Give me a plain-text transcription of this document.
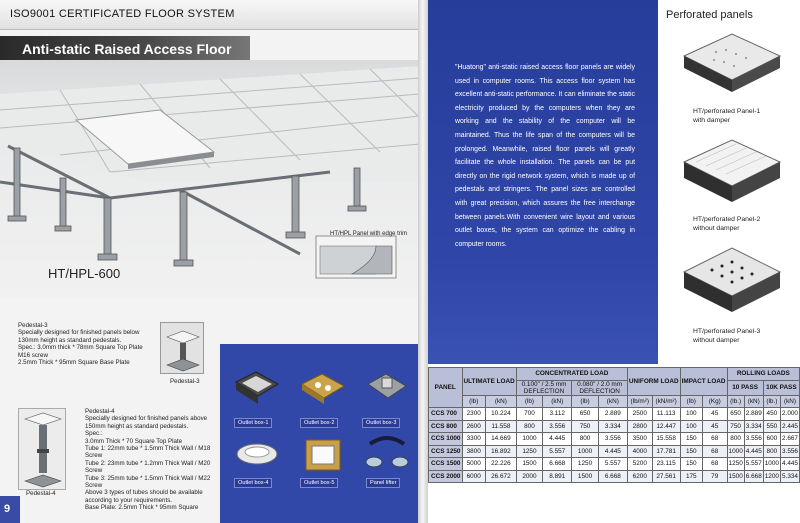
ISO9001 CERTIFICATED FLOOR SYSTEM
HT/HPL-600
HT/HPL Panel with edge trim
Anti-static Raised Access Floor
Pedestal-3
Specially designed for finished panels below
130mm height as standard pedestals.
Spec.: 3.0mm thick * 78mm Square Top Plate
M16 screw
2.5mm Thick * 95mm Square Base Plate
Pedestal-3
Pedestal-4
Pedestal-4
Specially designed for finished panels above
150mm height as standard pedestals.
Spec.:
3.0mm Thick * 70 Square Top Plate
Tube 1: 22mm tube * 1.5mm Thick Wall / M18
Screw
Tube 2: 23mm tube * 1.2mm Thick Wall / M20
Screw
Tube 3: 25mm tube * 1.5mm Thick Wall / M22
Screw
Above 3 types of tubes should be available
according to your requirements.
Base Plate: 2.5mm Thick * 95mm Square
Outlet box-1	Outlet box-2	Outlet box-3
Outlet box-4	Outlet box-5	Panel lifter
9

"Huatong" anti-static raised access floor panels are widely used in computer rooms. This access floor system has excellent anti-static performance. It can eliminate the static electricity produced by the computers when they are working and the stability of the computer will be maintained. Thus the life span of the computers will be prolonged. Meanwhile, raised floor panels will greatly facilitate the whole installation. The panels can be put directly on the rigid network system, which is made up of pedestals and stringers. The panel sizes are controlled with great precision, which assures the free interchange between panels.With convenient wire layout and various outlet boxes, the system can optimize the cabling in computer rooms.

Perforated panels
HT/perforated Panel-1
with damper
HT/perforated Panel-2
without damper
HT/perforated Panel-3
without damper
PANEL	ULTIMATE LOAD		CONCENTRATED LOAD				UNIFORM LOAD		IMPACT LOAD		ROLLING LOADS			
			0.100" / 2.5 mm DEFLECTION		0.080" / 2.0 mm DEFLECTION						10 PASS		10K PASS	
	(lb)	(kN)	(lb)	(kN)	(lb)	(kN)	(lb/m²)	(kN/m²)	(lb)	(Kg)	(lb.)	(kN)	(lb.)	(kN)
CCS 700	2300	10.224	700	3.112	650	2.889	2500	11.113	100	45	650	2.889	450	2.000
CCS 800	2600	11.558	800	3.556	750	3.334	2800	12.447	100	45	750	3.334	550	2.445
CCS 1000	3300	14.669	1000	4.445	800	3.556	3500	15.558	150	68	800	3.556	600	2.667
CCS 1250	3800	16.892	1250	5.557	1000	4.445	4000	17.781	150	68	1000	4.445	800	3.556
CCS 1500	5000	22.226	1500	6.668	1250	5.557	5200	23.115	150	68	1250	5.557	1000	4.445
CCS 2000	6000	26.672	2000	8.891	1500	6.668	6200	27.561	175	79	1500	6.668	1200	5.334
